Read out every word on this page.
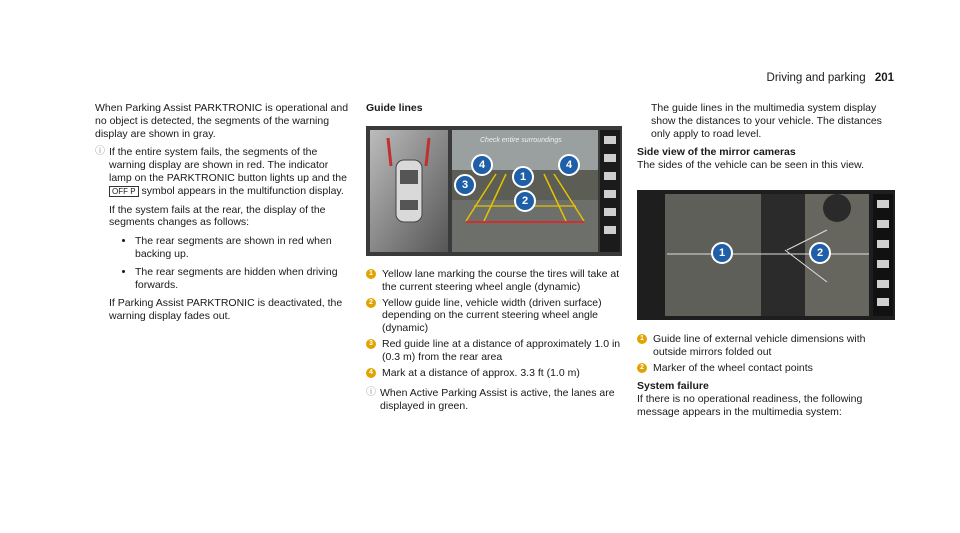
Driving and parking 201

When Parking Assist PARKTRONIC is operational and no object is detected, the segments of the warning display are shown in gray.

ⓘ If the entire system fails, the segments of the warning display are shown in red. The indicator lamp on the PARKTRONIC button lights up and the OFF P symbol appears in the multifunction display.

If the system fails at the rear, the display of the segments changes as follows:

• The rear segments are shown in red when backing up.
• The rear segments are hidden when driving forwards.

If Parking Assist PARKTRONIC is deactivated, the warning display fades out.

Guide lines

Check entire surroundings
4
1
4
3
2
1 Yellow lane marking the course the tires will take at the current steering wheel angle (dynamic)
2 Yellow guide line, vehicle width (driven surface) depending on the current steering wheel angle (dynamic)
3 Red guide line at a distance of approximately 1.0 in (0.3 m) from the rear area
4 Mark at a distance of approx. 3.3 ft (1.0 m)
ⓘ When Active Parking Assist is active, the lanes are displayed in green.

The guide lines in the multimedia system display show the distances to your vehicle. The distances only apply to road level.

Side view of the mirror cameras

The sides of the vehicle can be seen in this view.

1	2
1 Guide line of external vehicle dimensions with outside mirrors folded out
2 Marker of the wheel contact points

System failure

If there is no operational readiness, the following message appears in the multimedia system:
